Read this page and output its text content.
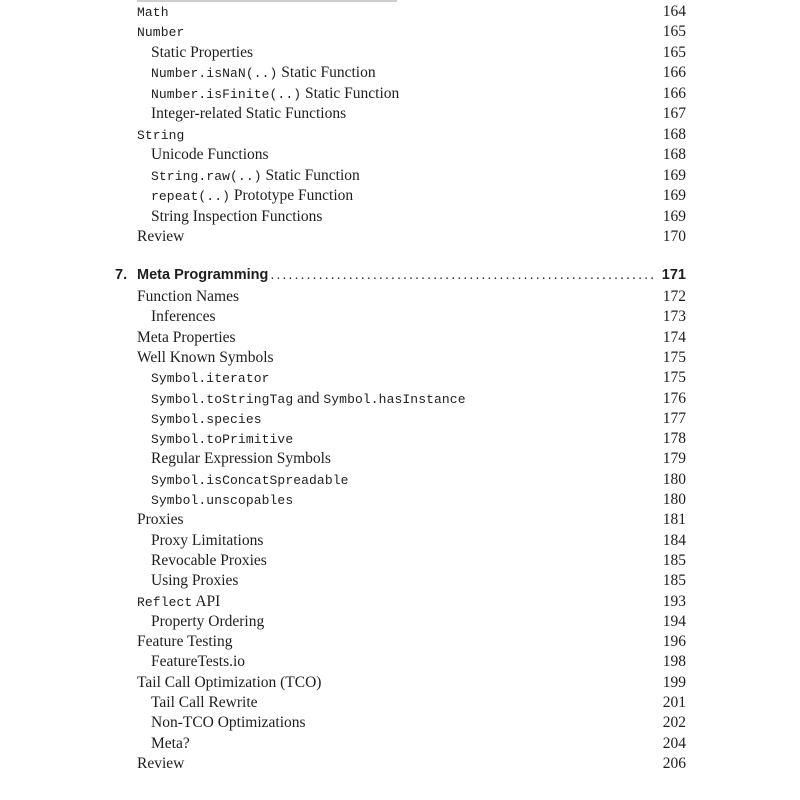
Math	164
Number	165
Static Properties	165
Number.isNaN(..) Static Function	166
Number.isFinite(..) Static Function	166
Integer-related Static Functions	167
String	168
Unicode Functions	168
String.raw(..) Static Function	169
repeat(..) Prototype Function	169
String Inspection Functions	169
Review	170
7. Meta Programming .....	171
Function Names	172
Inferences	173
Meta Properties	174
Well Known Symbols	175
Symbol.iterator	175
Symbol.toStringTag and Symbol.hasInstance	176
Symbol.species	177
Symbol.toPrimitive	178
Regular Expression Symbols	179
Symbol.isConcatSpreadable	180
Symbol.unscopables	180
Proxies	181
Proxy Limitations	184
Revocable Proxies	185
Using Proxies	185
Reflect API	193
Property Ordering	194
Feature Testing	196
FeatureTests.io	198
Tail Call Optimization (TCO)	199
Tail Call Rewrite	201
Non-TCO Optimizations	202
Meta?	204
Review	206
